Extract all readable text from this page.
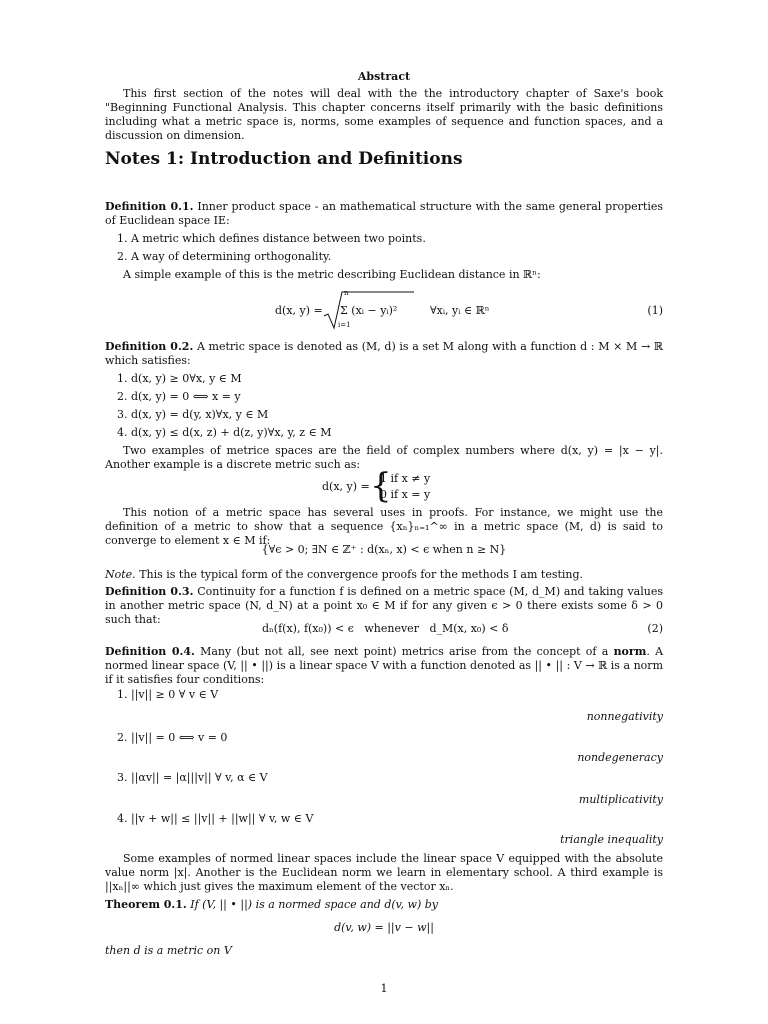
Abstract
This first section of the notes will deal with the the introductory chapter of Saxe's book "Beginning Functional Analysis. This chapter concerns itself primarily with the basic definitions including what a metric space is, norms, some examples of sequence and function spaces, and a discussion on dimension.
Notes 1: Introduction and Definitions
Definition 0.1. Inner product space - an mathematical structure with the same general properties of Euclidean space IE:
1. A metric which defines distance between two points.
2. A way of determining orthogonality.
A simple example of this is the metric describing Euclidean distance in ℝⁿ:
d(x, y) =
n
Σ (xᵢ − yᵢ)²
i=1
∀xᵢ, yᵢ ∈ ℝⁿ	(1)
Definition 0.2. A metric space is denoted as (M, d) is a set M along with a function d : M × M → ℝ which satisfies:
1. d(x, y) ≥ 0∀x, y ∈ M
2. d(x, y) = 0 ⟺ x = y
3. d(x, y) = d(y, x)∀x, y ∈ M
4. d(x, y) ≤ d(x, z) + d(z, y)∀x, y, z ∈ M
Two examples of metrice spaces are the field of complex numbers where d(x, y) = |x − y|. Another example is a discrete metric such as:
d(x, y) = {
1 if x ≠ y
0 if x = y
This notion of a metric space has several uses in proofs. For instance, we might use the definition of a metric to show that a sequence {xₙ}ₙ₌₁^∞ in a metric space (M, d) is said to converge to element x ∈ M if:
{∀ϵ > 0; ∃N ∈ ℤ⁺ : d(xₙ, x) < ϵ when n ≥ N}
Note. This is the typical form of the convergence proofs for the methods I am testing.
Definition 0.3. Continuity for a function f is defined on a metric space (M, d_M) and taking values in another metric space (N, d_N) at a point x₀ ∈ M if for any given ϵ > 0 there exists some δ > 0 such that:
dₙ(f(x), f(x₀)) < ϵ   whenever   d_M(x, x₀) < δ	(2)
Definition 0.4. Many (but not all, see next point) metrics arise from the concept of a norm. A normed linear space (V, || • ||) is a linear space V with a function denoted as || • || : V → ℝ is a norm if it satisfies four conditions:
1. ||v|| ≥ 0 ∀ v ∈ V
nonnegativity
2. ||v|| = 0 ⟺ v = 0
nondegeneracy
3. ||αv|| = |α|||v|| ∀ v, α ∈ V
multiplicativity
4. ||v + w|| ≤ ||v|| + ||w|| ∀ v, w ∈ V
triangle inequality
Some examples of normed linear spaces include the linear space V equipped with the absolute value norm |x|. Another is the Euclidean norm we learn in elementary school. A third example is ||xₙ||∞ which just gives the maximum element of the vector xₙ.
Theorem 0.1. If (V, || • ||) is a normed space and d(v, w) by
d(v, w) = ||v − w||
then d is a metric on V
1
